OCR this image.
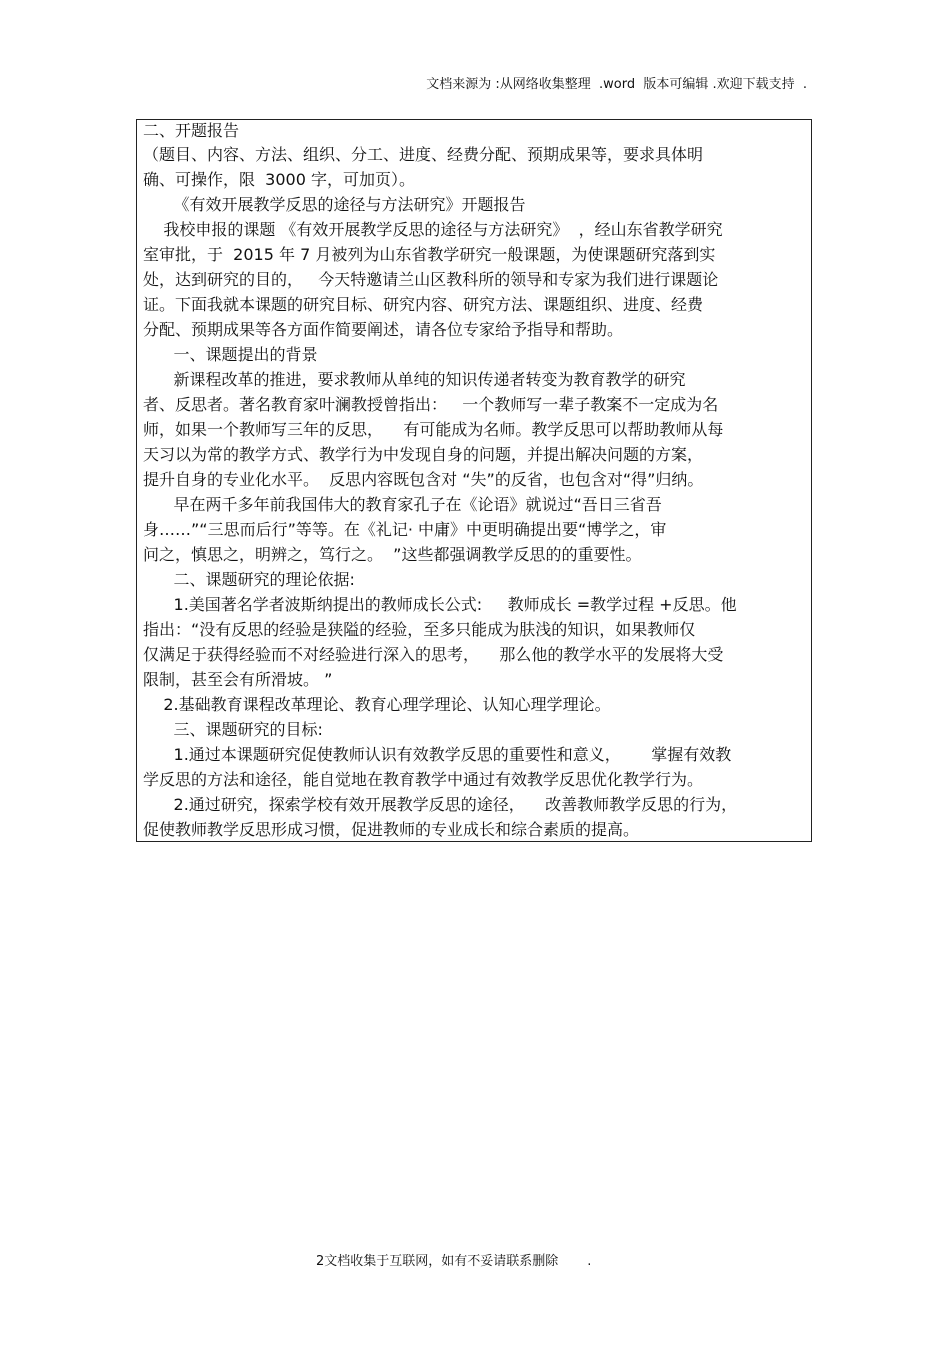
文档来源为 :从网络收集整理  .word  版本可编辑 .欢迎下载支持  .
二、开题报告
（题目、内容、方法、组织、分工、进度、经费分配、预期成果等，要求具体明
确、可操作，限  3000 字，可加页）。
《有效开展教学反思的途径与方法研究》开题报告
我校申报的课题 《有效开展教学反思的途径与方法研究》  ，经山东省教学研究
室审批，于  2015 年 7 月被列为山东省教学研究一般课题，为使课题研究落到实
处，达到研究的目的，   今天特邀请兰山区教科所的领导和专家为我们进行课题论
证。下面我就本课题的研究目标、研究内容、研究方法、课题组织、进度、经费
分配、预期成果等各方面作简要阐述，请各位专家给予指导和帮助。
一、课题提出的背景
新课程改革的推进，要求教师从单纯的知识传递者转变为教育教学的研究
者、反思者。著名教育家叶澜教授曾指出：   一个教师写一辈子教案不一定成为名
师，如果一个教师写三年的反思，    有可能成为名师。教学反思可以帮助教师从每
天习以为常的教学方式、教学行为中发现自身的问题，并提出解决问题的方案，
提升自身的专业化水平。  反思内容既包含对 “失”的反省，也包含对“得”归纳。
早在两千多年前我国伟大的教育家孔子在《论语》就说过“吾日三省吾
身……”“三思而后行”等等。在《礼记· 中庸》中更明确提出要“博学之，审
问之，慎思之，明辨之，笃行之。  ”这些都强调教学反思的的重要性。
二、课题研究的理论依据:
1.美国著名学者波斯纳提出的教师成长公式:     教师成长 =教学过程 +反思。他
指出：“没有反思的经验是狭隘的经验，至多只能成为肤浅的知识，如果教师仅
仅满足于获得经验而不对经验进行深入的思考，    那么他的教学水平的发展将大受
限制，甚至会有所滑坡。 ”
2.基础教育课程改革理论、教育心理学理论、认知心理学理论。
三、课题研究的目标:
1.通过本课题研究促使教师认识有效教学反思的重要性和意义，      掌握有效教
学反思的方法和途径，能自觉地在教育教学中通过有效教学反思优化教学行为。
2.通过研究，探索学校有效开展教学反思的途径，    改善教师教学反思的行为，
促使教师教学反思形成习惯，促进教师的专业成长和综合素质的提高。
2文档收集于互联网，如有不妥请联系删除       .
